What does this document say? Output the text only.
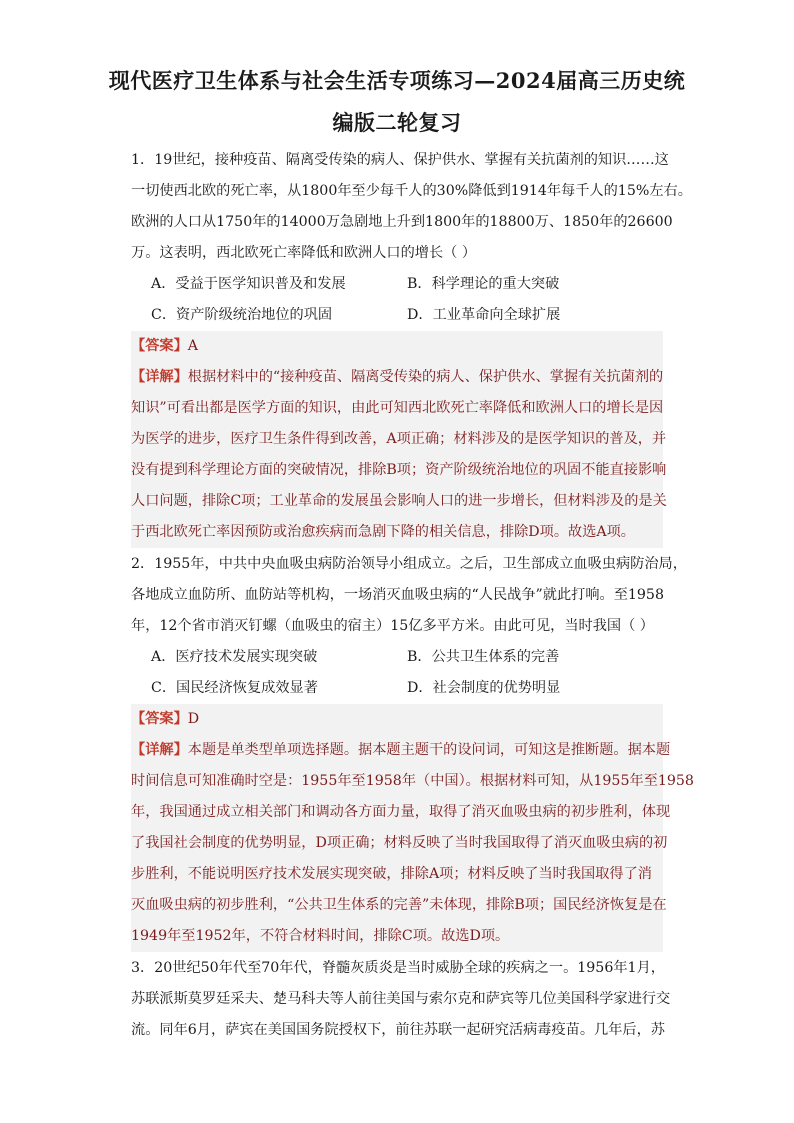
现代医疗卫生体系与社会生活专项练习—2024届高三历史统
编版二轮复习

1．19世纪，接种疫苗、隔离受传染的病人、保护供水、掌握有关抗菌剂的知识……这

一切使西北欧的死亡率，从1800年至少每千人的30%降低到1914年每千人的15%左右。

欧洲的人口从1750年的14000万急剧地上升到1800年的18800万、1850年的26600

万。这表明，西北欧死亡率降低和欧洲人口的增长（ ）

A．受益于医学知识普及和发展	B．科学理论的重大突破
C．资产阶级统治地位的巩固	D．工业革命向全球扩展

【答案】A

【详解】根据材料中的“接种疫苗、隔离受传染的病人、保护供水、掌握有关抗菌剂的

知识”可看出都是医学方面的知识，由此可知西北欧死亡率降低和欧洲人口的增长是因

为医学的进步，医疗卫生条件得到改善，A项正确；材料涉及的是医学知识的普及，并

没有提到科学理论方面的突破情况，排除B项；资产阶级统治地位的巩固不能直接影响

人口问题，排除C项；工业革命的发展虽会影响人口的进一步增长，但材料涉及的是关

于西北欧死亡率因预防或治愈疾病而急剧下降的相关信息，排除D项。故选A项。

2．1955年，中共中央血吸虫病防治领导小组成立。之后，卫生部成立血吸虫病防治局，

各地成立血防所、血防站等机构，一场消灭血吸虫病的“人民战争”就此打响。至1958

年，12个省市消灭钉螺（血吸虫的宿主）15亿多平方米。由此可见，当时我国（ ）

A．医疗技术发展实现突破	B．公共卫生体系的完善
C．国民经济恢复成效显著	D．社会制度的优势明显

【答案】D

【详解】本题是单类型单项选择题。据本题主题干的设问词，可知这是推断题。据本题

时间信息可知准确时空是：1955年至1958年（中国）。根据材料可知，从1955年至1958

年，我国通过成立相关部门和调动各方面力量，取得了消灭血吸虫病的初步胜利，体现

了我国社会制度的优势明显，D项正确；材料反映了当时我国取得了消灭血吸虫病的初

步胜利，不能说明医疗技术发展实现突破，排除A项；材料反映了当时我国取得了消

灭血吸虫病的初步胜利，“公共卫生体系的完善”未体现，排除B项；国民经济恢复是在

1949年至1952年，不符合材料时间，排除C项。故选D项。

3．20世纪50年代至70年代，脊髓灰质炎是当时威胁全球的疾病之一。1956年1月，

苏联派斯莫罗廷采夫、楚马科夫等人前往美国与索尔克和萨宾等几位美国科学家进行交

流。同年6月，萨宾在美国国务院授权下，前往苏联一起研究活病毒疫苗。几年后，苏
